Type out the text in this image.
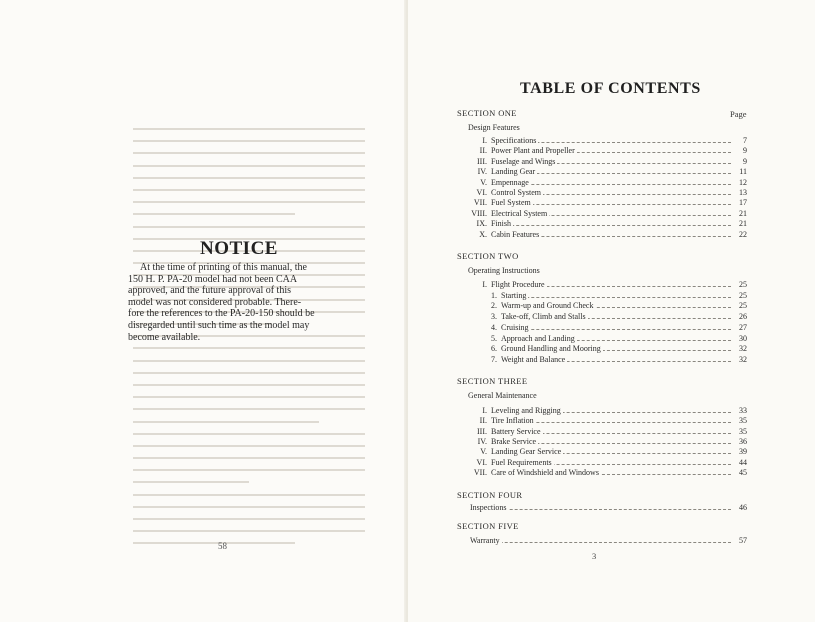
NOTICE

At the time of printing of this manual, the

150 H. P. PA-20 model had not been CAA
approved, and the future approval of this
model was not considered probable. There-
fore the references to the PA-20-150 should be
disregarded until such time as the model may
become available.
58
TABLE OF CONTENTS
Page
SECTION ONE
Design Features
I. Specifications	7
II. Power Plant and Propeller	9
III. Fuselage and Wings	9
IV. Landing Gear	11
V. Empennage	12
VI. Control System	13
VII. Fuel System	17
VIII. Electrical System	21
IX. Finish	21
X. Cabin Features	22
SECTION TWO
Operating Instructions
I. Flight Procedure	25
1. Starting	25
2. Warm-up and Ground Check	25
3. Take-off, Climb and Stalls	26
4. Cruising	27
5. Approach and Landing	30
6. Ground Handling and Mooring	32
7. Weight and Balance	32
SECTION THREE
General Maintenance
I. Leveling and Rigging	33
II. Tire Inflation	35
III. Battery Service	35
IV. Brake Service	36
V. Landing Gear Service	39
VI. Fuel Requirements	44
VII. Care of Windshield and Windows	45
SECTION FOUR
Inspections	46
SECTION FIVE
Warranty	57
3
